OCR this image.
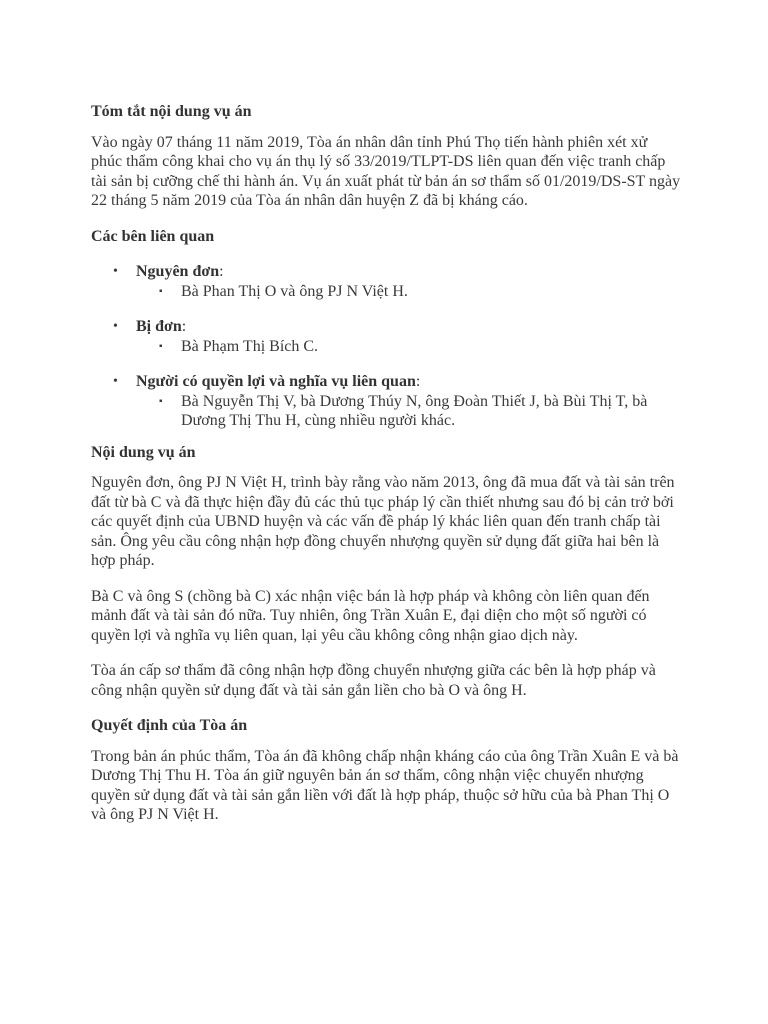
Tóm tắt nội dung vụ án

Vào ngày 07 tháng 11 năm 2019, Tòa án nhân dân tỉnh Phú Thọ tiến hành phiên xét xử phúc thẩm công khai cho vụ án thụ lý số 33/2019/TLPT-DS liên quan đến việc tranh chấp tài sản bị cưỡng chế thi hành án. Vụ án xuất phát từ bản án sơ thẩm số 01/2019/DS-ST ngày 22 tháng 5 năm 2019 của Tòa án nhân dân huyện Z đã bị kháng cáo.

Các bên liên quan
• Nguyên đơn:
▪ Bà Phan Thị O và ông PJ N Việt H.
• Bị đơn:
▪ Bà Phạm Thị Bích C.
• Người có quyền lợi và nghĩa vụ liên quan:
▪ Bà Nguyễn Thị V, bà Dương Thúy N, ông Đoàn Thiết J, bà Bùi Thị T, bà Dương Thị Thu H, cùng nhiều người khác.
Nội dung vụ án

Nguyên đơn, ông PJ N Việt H, trình bày rằng vào năm 2013, ông đã mua đất và tài sản trên đất từ bà C và đã thực hiện đầy đủ các thủ tục pháp lý cần thiết nhưng sau đó bị cản trở bởi các quyết định của UBND huyện và các vấn đề pháp lý khác liên quan đến tranh chấp tài sản. Ông yêu cầu công nhận hợp đồng chuyển nhượng quyền sử dụng đất giữa hai bên là hợp pháp.

Bà C và ông S (chồng bà C) xác nhận việc bán là hợp pháp và không còn liên quan đến mảnh đất và tài sản đó nữa. Tuy nhiên, ông Trần Xuân E, đại diện cho một số người có quyền lợi và nghĩa vụ liên quan, lại yêu cầu không công nhận giao dịch này.

Tòa án cấp sơ thẩm đã công nhận hợp đồng chuyển nhượng giữa các bên là hợp pháp và công nhận quyền sử dụng đất và tài sản gắn liền cho bà O và ông H.

Quyết định của Tòa án

Trong bản án phúc thẩm, Tòa án đã không chấp nhận kháng cáo của ông Trần Xuân E và bà Dương Thị Thu H. Tòa án giữ nguyên bản án sơ thẩm, công nhận việc chuyển nhượng quyền sử dụng đất và tài sản gắn liền với đất là hợp pháp, thuộc sở hữu của bà Phan Thị O và ông PJ N Việt H.
